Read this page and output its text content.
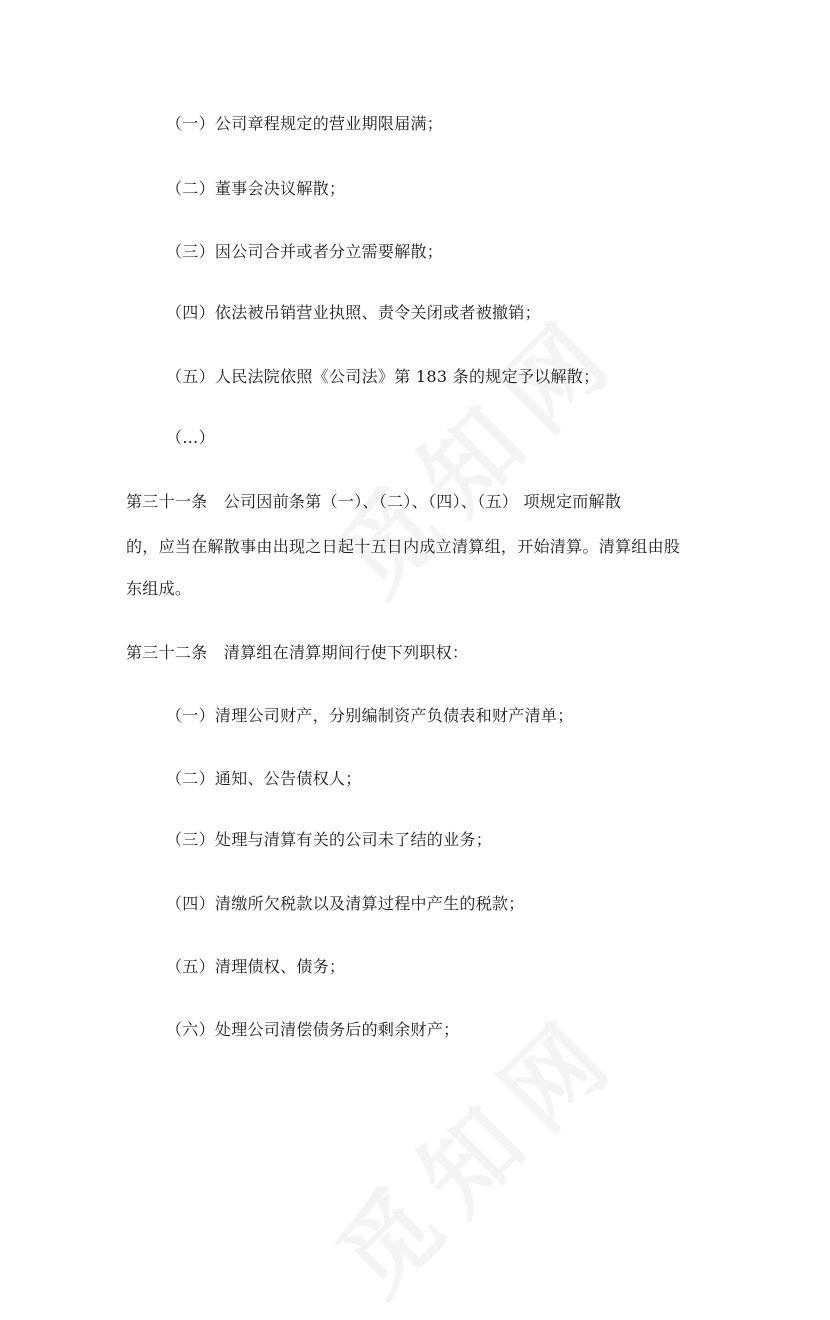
（一）公司章程规定的营业期限届满；
（二）董事会决议解散；
（三）因公司合并或者分立需要解散；
（四）依法被吊销营业执照、责令关闭或者被撤销；
（五）人民法院依照《公司法》第 183 条的规定予以解散；
（…）
第三十一条　公司因前条第（一）、（二）、（四）、（五） 项规定而解散
的，应当在解散事由出现之日起十五日内成立清算组，开始清算。清算组由股
东组成。
第三十二条　清算组在清算期间行使下列职权：
（一）清理公司财产，分别编制资产负债表和财产清单；
（二）通知、公告债权人；
（三）处理与清算有关的公司未了结的业务；
（四）清缴所欠税款以及清算过程中产生的税款；
（五）清理债权、债务；
（六）处理公司清偿债务后的剩余财产；
